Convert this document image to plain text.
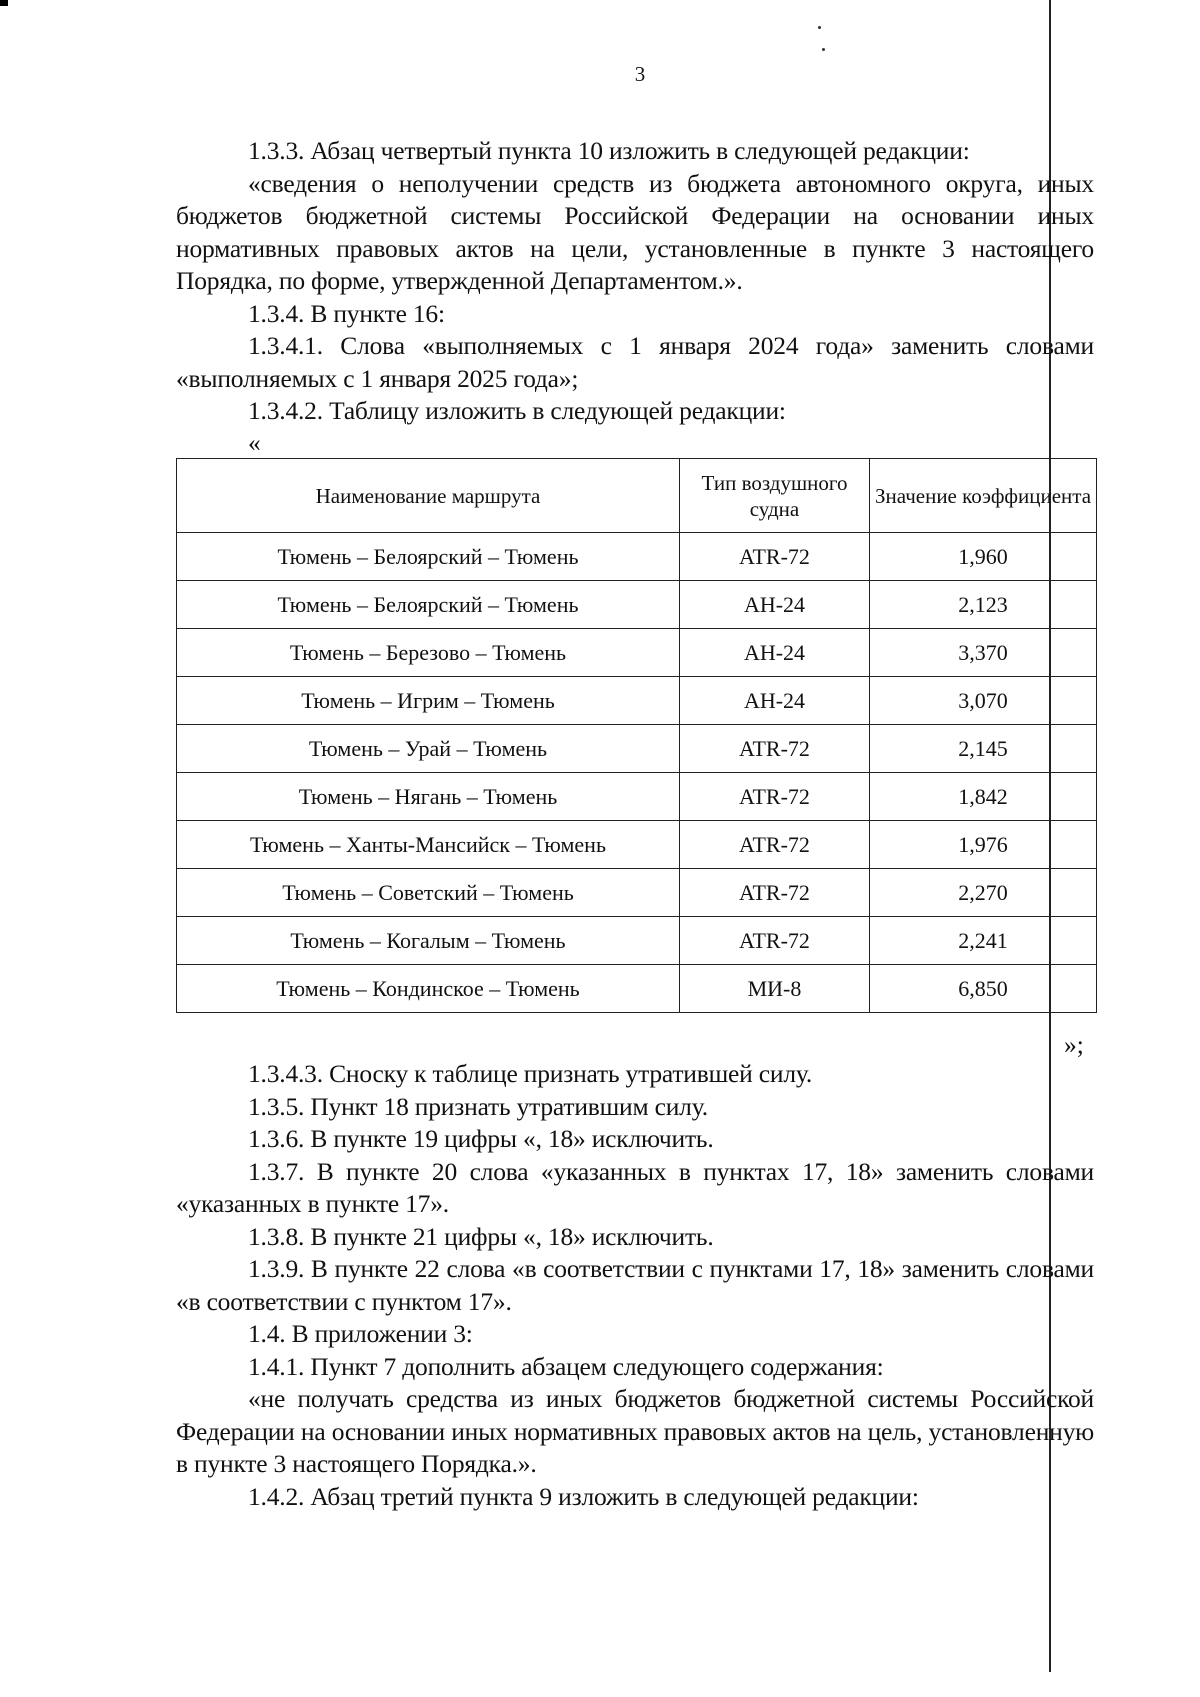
3

1.3.3. Абзац четвертый пункта 10 изложить в следующей редакции:

«сведения о неполучении средств из бюджета автономного округа, иных бюджетов бюджетной системы Российской Федерации на основании иных нормативных правовых актов на цели, установленные в пункте 3 настоящего Порядка, по форме, утвержденной Департаментом.».

1.3.4. В пункте 16:

1.3.4.1. Слова «выполняемых с 1 января 2024 года» заменить словами «выполняемых с 1 января 2025 года»;

1.3.4.2. Таблицу изложить в следующей редакции:

«

Наименование маршрута	Тип воздушного судна	Значение коэффициента
Тюмень – Белоярский – Тюмень	ATR-72	1,960
Тюмень – Белоярский – Тюмень	АН-24	2,123
Тюмень – Березово – Тюмень	АН-24	3,370
Тюмень – Игрим – Тюмень	АН-24	3,070
Тюмень – Урай – Тюмень	ATR-72	2,145
Тюмень – Нягань – Тюмень	ATR-72	1,842
Тюмень – Ханты-Мансийск – Тюмень	ATR-72	1,976
Тюмень – Советский – Тюмень	ATR-72	2,270
Тюмень – Когалым – Тюмень	ATR-72	2,241
Тюмень – Кондинское – Тюмень	МИ-8	6,850
»;

1.3.4.3. Сноску к таблице признать утратившей силу.

1.3.5. Пункт 18 признать утратившим силу.

1.3.6. В пункте 19 цифры «, 18» исключить.

1.3.7. В пункте 20 слова «указанных в пунктах 17, 18» заменить словами «указанных в пункте 17».

1.3.8. В пункте 21 цифры «, 18» исключить.

1.3.9. В пункте 22 слова «в соответствии с пунктами 17, 18» заменить словами «в соответствии с пунктом 17».

1.4. В приложении 3:

1.4.1. Пункт 7 дополнить абзацем следующего содержания:

«не получать средства из иных бюджетов бюджетной системы Российской Федерации на основании иных нормативных правовых актов на цель, установленную в пункте 3 настоящего Порядка.».

1.4.2. Абзац третий пункта 9 изложить в следующей редакции:
